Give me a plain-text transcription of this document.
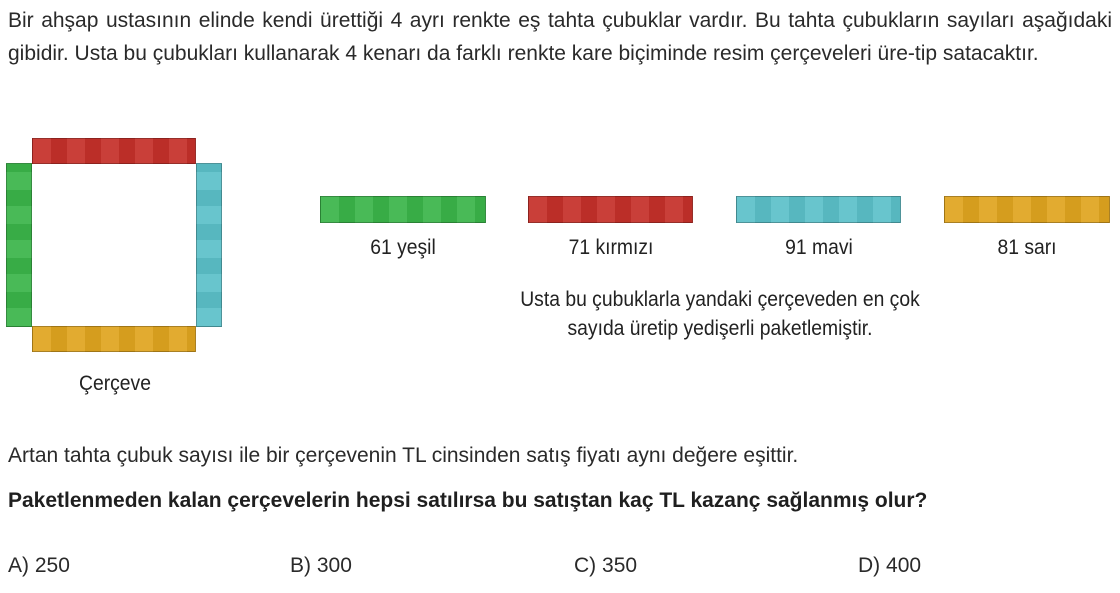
Bir ahşap ustasının elinde kendi ürettiği 4 ayrı renkte eş tahta çubuklar vardır. Bu tahta çubukların sayıları aşağıdaki gibidir. Usta bu çubukları kullanarak 4 kenarı da farklı renkte kare biçiminde resim çerçeveleri üre-tip satacaktır.
Çerçeve
61 yeşil	71 kırmızı	91 mavi	81 sarı
Usta bu çubuklarla yandaki çerçeveden en çok
sayıda üretip yedişerli paketlemiştir.
Artan tahta çubuk sayısı ile bir çerçevenin TL cinsinden satış fiyatı aynı değere eşittir.
Paketlenmeden kalan çerçevelerin hepsi satılırsa bu satıştan kaç TL kazanç sağlanmış olur?
A) 250	B) 300	C) 350	D) 400
